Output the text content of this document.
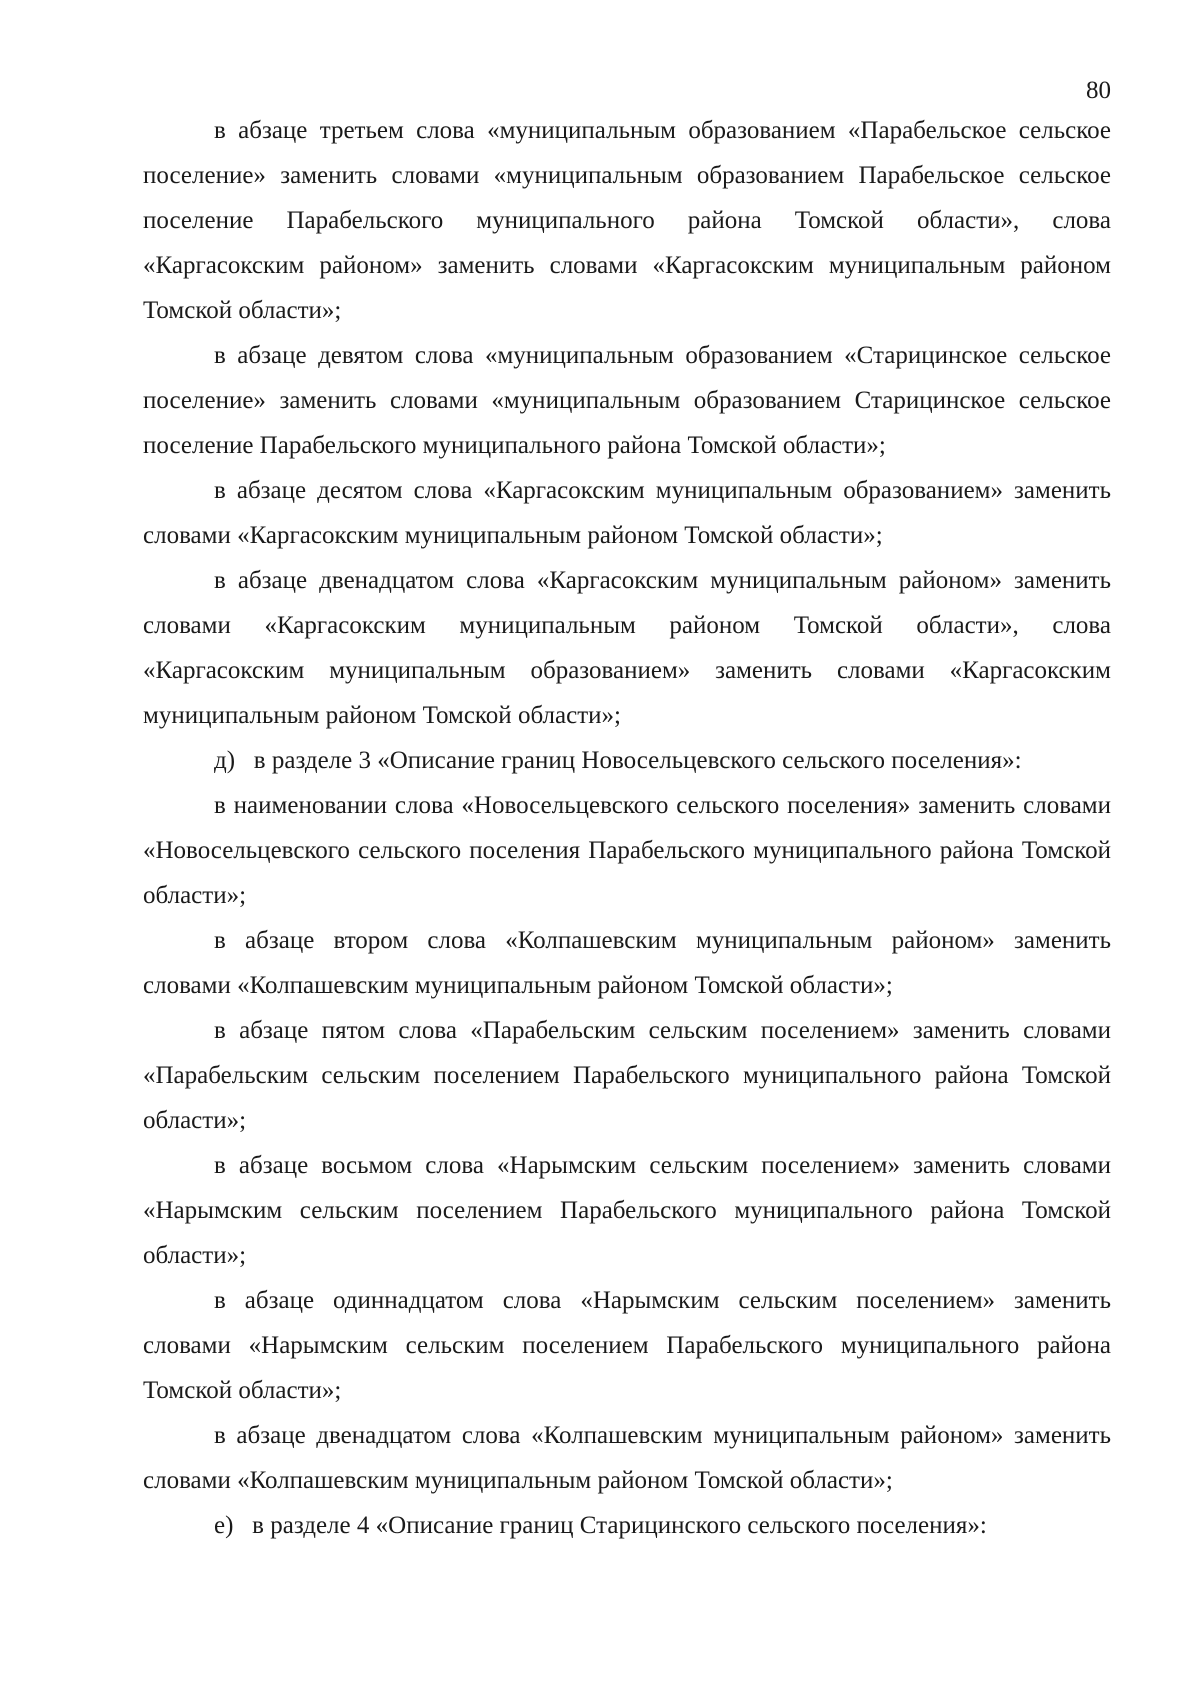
80

в абзаце третьем слова «муниципальным образованием «Парабельское сельское поселение» заменить словами «муниципальным образованием Парабельское сельское поселение Парабельского муниципального района Томской области», слова «Каргасокским районом» заменить словами «Каргасокским муниципальным районом Томской области»;

в абзаце девятом слова «муниципальным образованием «Старицинское сельское поселение» заменить словами «муниципальным образованием Старицинское сельское поселение Парабельского муниципального района Томской области»;

в абзаце десятом слова «Каргасокским муниципальным образованием» заменить словами «Каргасокским муниципальным районом Томской области»;

в абзаце двенадцатом слова «Каргасокским муниципальным районом» заменить словами «Каргасокским муниципальным районом Томской области», слова «Каргасокским муниципальным образованием» заменить словами «Каргасокским муниципальным районом Томской области»;

д)   в разделе 3 «Описание границ Новосельцевского сельского поселения»:

в наименовании слова «Новосельцевского сельского поселения» заменить словами «Новосельцевского сельского поселения Парабельского муниципального района Томской области»;

в абзаце втором слова «Колпашевским муниципальным районом» заменить словами «Колпашевским муниципальным районом Томской области»;

в абзаце пятом слова «Парабельским сельским поселением» заменить словами «Парабельским сельским поселением Парабельского муниципального района Томской области»;

в абзаце восьмом слова «Нарымским сельским поселением» заменить словами «Нарымским сельским поселением Парабельского муниципального района Томской области»;

в абзаце одиннадцатом слова «Нарымским сельским поселением» заменить словами «Нарымским сельским поселением Парабельского муниципального района Томской области»;

в абзаце двенадцатом слова «Колпашевским муниципальным районом» заменить словами «Колпашевским муниципальным районом Томской области»;

е)   в разделе 4 «Описание границ Старицинского сельского поселения»:
